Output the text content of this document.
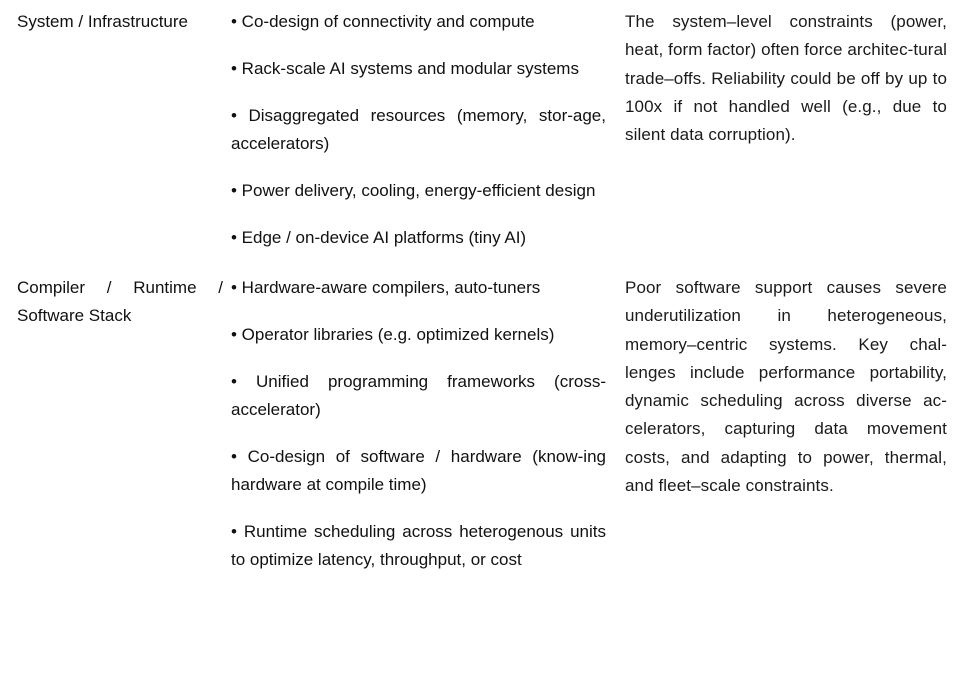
System / Infrastructure	• Co-design of connectivity and compute
• Rack-scale AI systems and modular systems
• Disaggregated resources (memory, stor-age, accelerators)
• Power delivery, cooling, energy-efficient design
• Edge / on-device AI platforms (tiny AI)
The system–level constraints (power, heat, form factor) often force architec-tural trade–offs. Reliability could be off by up to 100x if not handled well (e.g., due to silent data corruption).
Compiler / Runtime / Software Stack
• Hardware-aware compilers, auto-tuners
• Operator libraries (e.g. optimized kernels)
• Unified programming frameworks (cross-accelerator)
• Co-design of software / hardware (know-ing hardware at compile time)
• Runtime scheduling across heterogenous units to optimize latency, throughput, or cost
Poor software support causes severe underutilization in heterogeneous, memory–centric systems. Key chal-lenges include performance portability, dynamic scheduling across diverse ac-celerators, capturing data movement costs, and adapting to power, thermal, and fleet–scale constraints.
